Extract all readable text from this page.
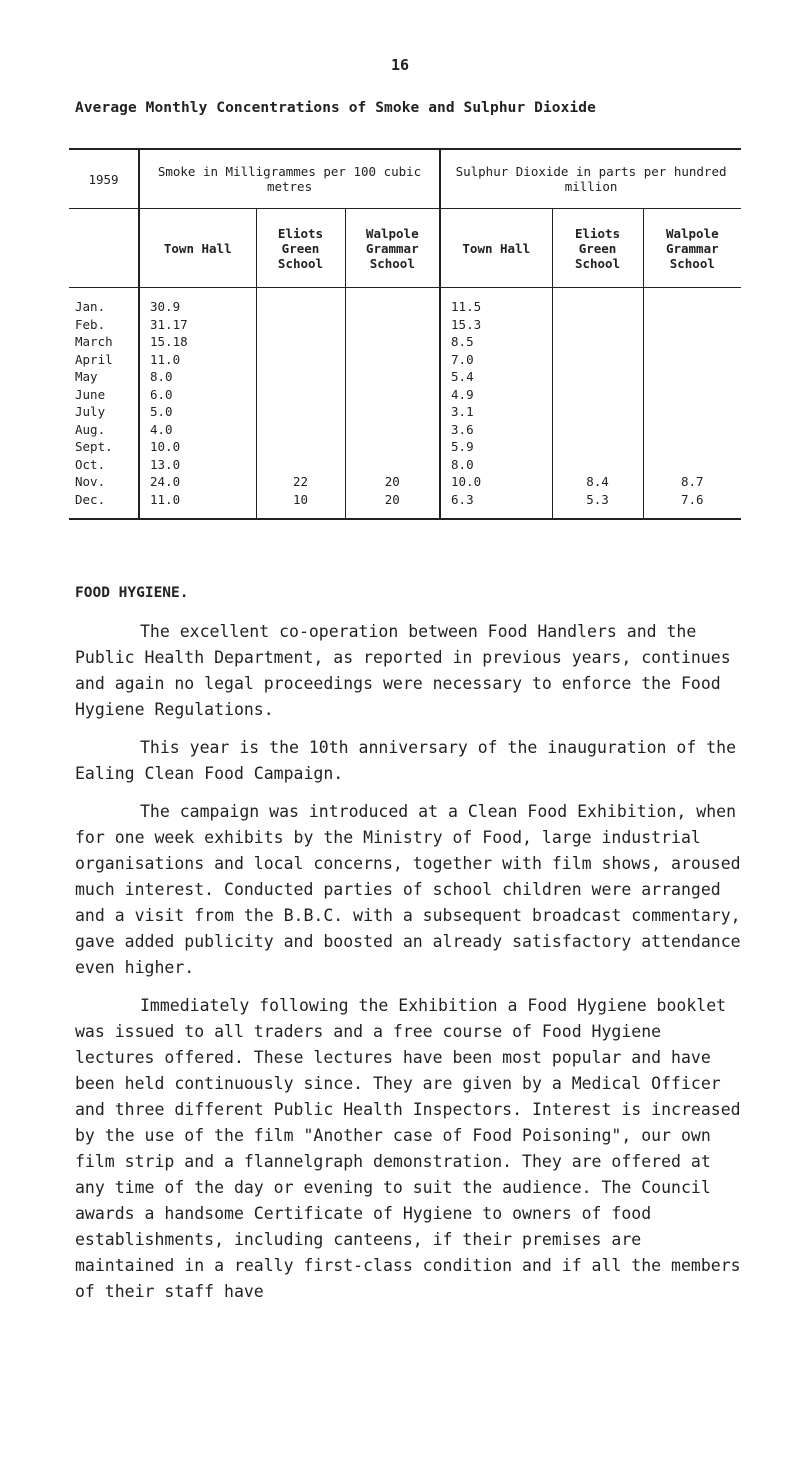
16
Average Monthly Concentrations of Smoke and Sulphur Dioxide
1959	Smoke in Milligrammes per 100 cubic metres			Sulphur Dioxide in parts per hundred million		
	Town Hall	Eliots Green School	Walpole Grammar School	Town Hall	Eliots Green School	Walpole Grammar School
Jan.	30.9			11.5		
Feb.	31.17			15.3		
March	15.18			8.5		
April	11.0			7.0		
May	8.0			5.4		
June	6.0			4.9		
July	5.0			3.1		
Aug.	4.0			3.6		
Sept.	10.0			5.9		
Oct.	13.0			8.0		
Nov.	24.0	22	20	10.0	8.4	8.7
Dec.	11.0	10	20	6.3	5.3	7.6
FOOD HYGIENE.

The excellent co-operation between Food Handlers and the Public Health Department, as reported in previous years, continues and again no legal proceedings were necessary to enforce the Food Hygiene Regulations.

This year is the 10th anniversary of the inauguration of the Ealing Clean Food Campaign.

The campaign was introduced at a Clean Food Exhibition, when for one week exhibits by the Ministry of Food, large industrial organisations and local concerns, together with film shows, aroused much interest. Conducted parties of school children were arranged and a visit from the B.B.C. with a subsequent broadcast commentary, gave added publicity and boosted an already satisfactory attendance even higher.

Immediately following the Exhibition a Food Hygiene booklet was issued to all traders and a free course of Food Hygiene lectures offered. These lectures have been most popular and have been held continuously since. They are given by a Medical Officer and three different Public Health Inspectors. Interest is increased by the use of the film "Another case of Food Poisoning", our own film strip and a flannelgraph demonstration. They are offered at any time of the day or evening to suit the audience. The Council awards a handsome Certificate of Hygiene to owners of food establishments, including canteens, if their premises are maintained in a really first-class condition and if all the members of their staff have
